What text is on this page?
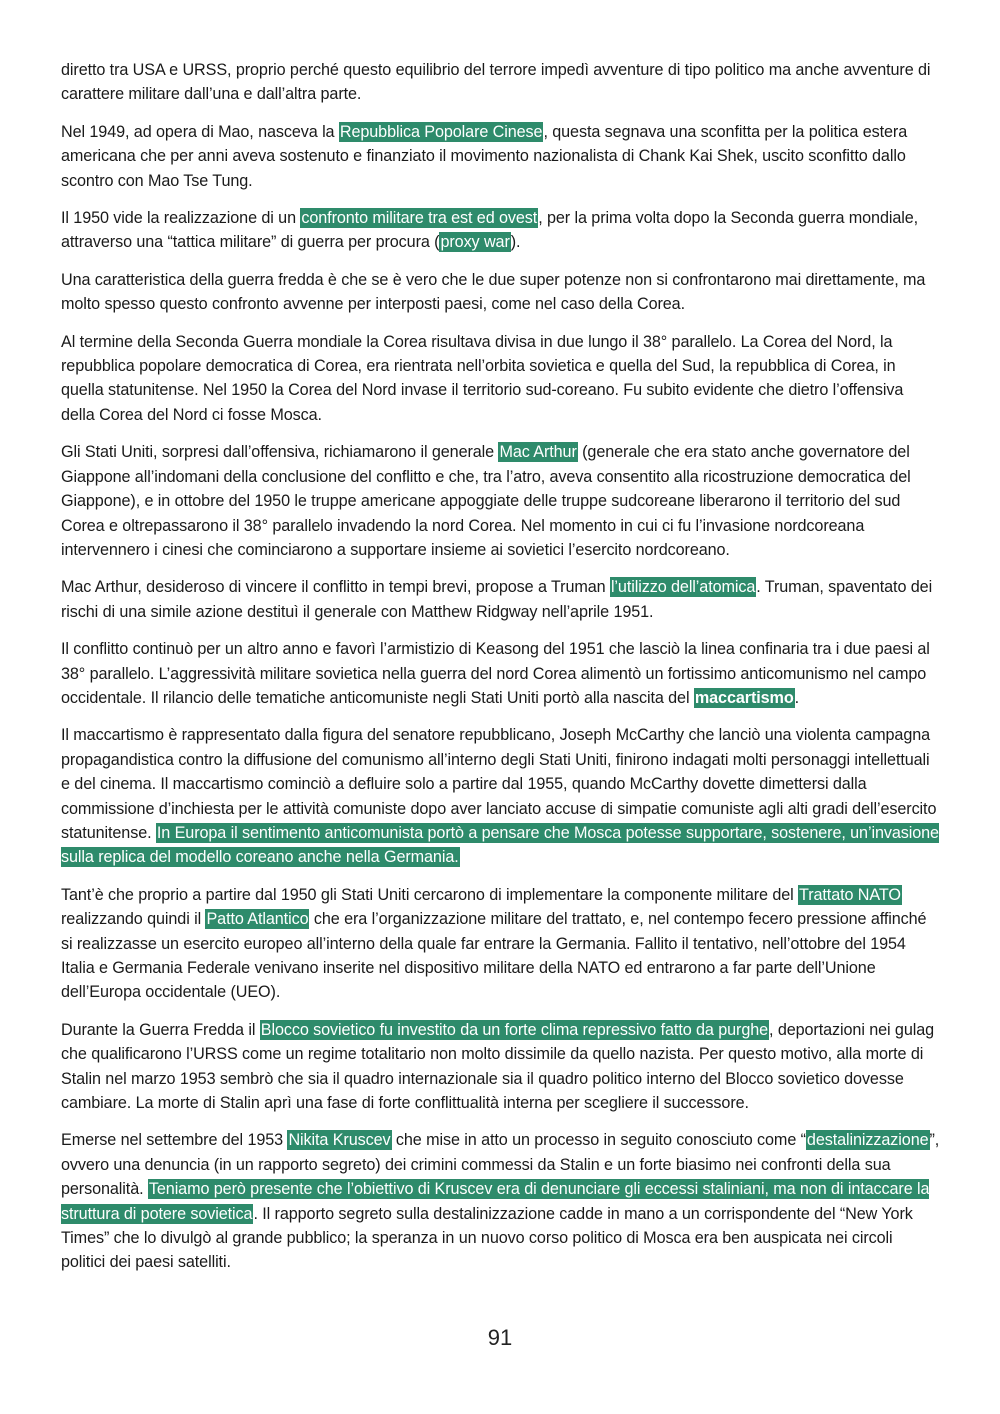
diretto tra USA e URSS, proprio perché questo equilibrio del terrore impedì avventure di tipo politico ma anche avventure di carattere militare dall’una e dall’altra parte.

Nel 1949, ad opera di Mao, nasceva la Repubblica Popolare Cinese, questa segnava una sconfitta per la politica estera americana che per anni aveva sostenuto e finanziato il movimento nazionalista di Chank Kai Shek, uscito sconfitto dallo scontro con Mao Tse Tung.

Il 1950 vide la realizzazione di un confronto militare tra est ed ovest, per la prima volta dopo la Seconda guerra mondiale, attraverso una “tattica militare” di guerra per procura (proxy war).

Una caratteristica della guerra fredda è che se è vero che le due super potenze non si confrontarono mai direttamente, ma molto spesso questo confronto avvenne per interposti paesi, come nel caso della Corea.

Al termine della Seconda Guerra mondiale la Corea risultava divisa in due lungo il 38° parallelo. La Corea del Nord, la repubblica popolare democratica di Corea, era rientrata nell’orbita sovietica e quella del Sud, la repubblica di Corea, in quella statunitense. Nel 1950 la Corea del Nord invase il territorio sud-coreano. Fu subito evidente che dietro l’offensiva della Corea del Nord ci fosse Mosca.

Gli Stati Uniti, sorpresi dall’offensiva, richiamarono il generale Mac Arthur (generale che era stato anche governatore del Giappone all’indomani della conclusione del conflitto e che, tra l’atro, aveva consentito alla ricostruzione democratica del Giappone), e in ottobre del 1950 le truppe americane appoggiate delle truppe sudcoreane liberarono il territorio del sud Corea e oltrepassarono il 38° parallelo invadendo la nord Corea. Nel momento in cui ci fu l’invasione nordcoreana intervennero i cinesi che cominciarono a supportare insieme ai sovietici l’esercito nordcoreano.

Mac Arthur, desideroso di vincere il conflitto in tempi brevi, propose a Truman l’utilizzo dell’atomica. Truman, spaventato dei rischi di una simile azione destituì il generale con Matthew Ridgway nell’aprile 1951.

Il conflitto continuò per un altro anno e favorì l’armistizio di Keasong del 1951 che lasciò la linea confinaria tra i due paesi al 38° parallelo. L’aggressività militare sovietica nella guerra del nord Corea alimentò un fortissimo anticomunismo nel campo occidentale. Il rilancio delle tematiche anticomuniste negli Stati Uniti portò alla nascita del maccartismo.

Il maccartismo è rappresentato dalla figura del senatore repubblicano, Joseph McCarthy che lanciò una violenta campagna propagandistica contro la diffusione del comunismo all’interno degli Stati Uniti, finirono indagati molti personaggi intellettuali e del cinema. Il maccartismo cominciò a defluire solo a partire dal 1955, quando McCarthy dovette dimettersi dalla commissione d’inchiesta per le attività comuniste dopo aver lanciato accuse di simpatie comuniste agli alti gradi dell’esercito statunitense. In Europa il sentimento anticomunista portò a pensare che Mosca potesse supportare, sostenere, un’invasione sulla replica del modello coreano anche nella Germania.

Tant’è che proprio a partire dal 1950 gli Stati Uniti cercarono di implementare la componente militare del Trattato NATO realizzando quindi il Patto Atlantico che era l’organizzazione militare del trattato, e, nel contempo fecero pressione affinché si realizzasse un esercito europeo all’interno della quale far entrare la Germania. Fallito il tentativo, nell’ottobre del 1954 Italia e Germania Federale venivano inserite nel dispositivo militare della NATO ed entrarono a far parte dell’Unione dell’Europa occidentale (UEO).

Durante la Guerra Fredda il Blocco sovietico fu investito da un forte clima repressivo fatto da purghe, deportazioni nei gulag che qualificarono l’URSS come un regime totalitario non molto dissimile da quello nazista. Per questo motivo, alla morte di Stalin nel marzo 1953 sembrò che sia il quadro internazionale sia il quadro politico interno del Blocco sovietico dovesse cambiare. La morte di Stalin aprì una fase di forte conflittualità interna per scegliere il successore.

Emerse nel settembre del 1953 Nikita Kruscev che mise in atto un processo in seguito conosciuto come “destalinizzazione”, ovvero una denuncia (in un rapporto segreto) dei crimini commessi da Stalin e un forte biasimo nei confronti della sua personalità. Teniamo però presente che l’obiettivo di Kruscev era di denunciare gli eccessi staliniani, ma non di intaccare la struttura di potere sovietica. Il rapporto segreto sulla destalinizzazione cadde in mano a un corrispondente del “New York Times” che lo divulgò al grande pubblico; la speranza in un nuovo corso politico di Mosca era ben auspicata nei circoli politici dei paesi satelliti.

91
